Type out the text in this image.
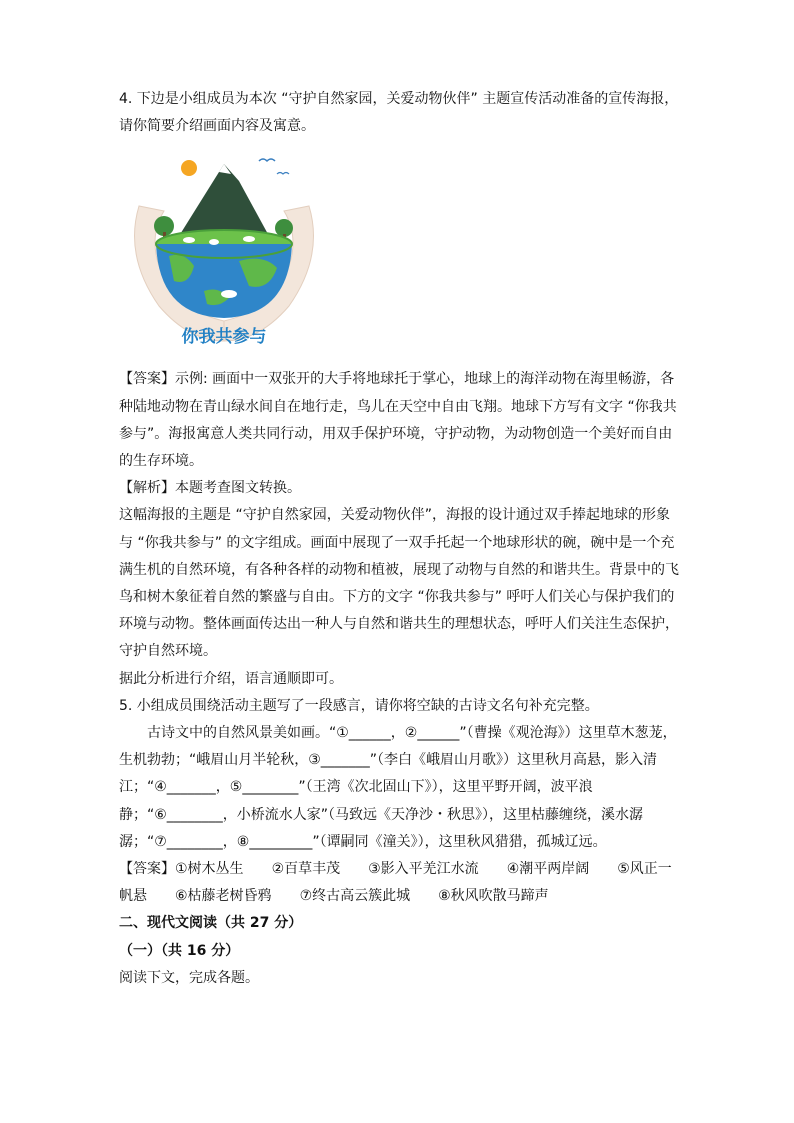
4. 下边是小组成员为本次 “守护自然家园，关爱动物伙伴” 主题宣传活动准备的宣传海报，请你简要介绍画面内容及寓意。

你我共参与

【答案】示例: 画面中一双张开的大手将地球托于掌心，地球上的海洋动物在海里畅游，各种陆地动物在青山绿水间自在地行走，鸟儿在天空中自由飞翔。地球下方写有文字 “你我共参与”。海报寓意人类共同行动，用双手保护环境，守护动物，为动物创造一个美好而自由的生存环境。

【解析】本题考查图文转换。

这幅海报的主题是 “守护自然家园，关爱动物伙伴”，海报的设计通过双手捧起地球的形象与 “你我共参与” 的文字组成。画面中展现了一双手托起一个地球形状的碗，碗中是一个充满生机的自然环境，有各种各样的动物和植被，展现了动物与自然的和谐共生。背景中的飞鸟和树木象征着自然的繁盛与自由。下方的文字 “你我共参与” 呼吁人们关心与保护我们的环境与动物。整体画面传达出一种人与自然和谐共生的理想状态，呼吁人们关注生态保护，守护自然环境。

据此分析进行介绍，语言通顺即可。

5. 小组成员围绕活动主题写了一段感言，请你将空缺的古诗文名句补充完整。

古诗文中的自然风景美如画。“①______，②______”（曹操《观沧海》）这里草木葱茏，生机勃勃；“峨眉山月半轮秋，③_______”（李白《峨眉山月歌》）这里秋月高悬，影入清江；“④_______，⑤________”（王湾《次北固山下》），这里平野开阔，波平浪静；“⑥________，小桥流水人家”（马致远《天净沙・秋思》），这里枯藤缠绕，溪水潺潺；“⑦________，⑧_________”（谭嗣同《潼关》），这里秋风猎猎，孤城辽远。

【答案】①树木丛生　　 ②百草丰茂　　 ③影入平羌江水流　　 ④潮平两岸阔　　 ⑤风正一帆悬　　 ⑥枯藤老树昏鸦　　 ⑦终古高云簇此城　　 ⑧秋风吹散马蹄声

二、现代文阅读（共 27 分）

（一）（共 16 分）

阅读下文，完成各题。
